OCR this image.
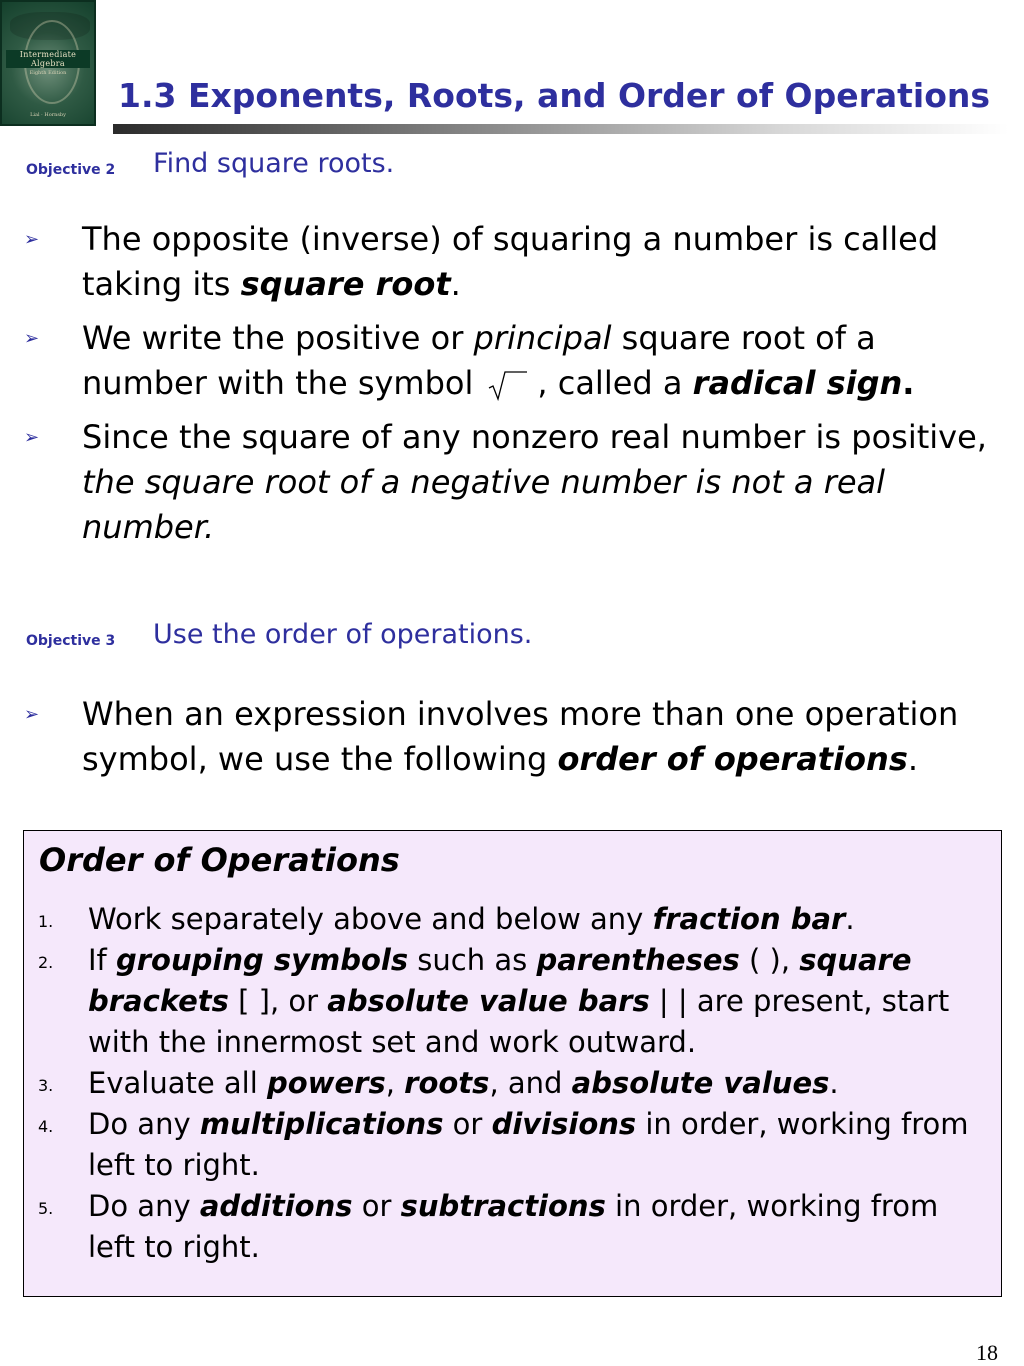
Intermediate Algebra
Eighth Edition
Lial · Hornsby	1.3 Exponents, Roots, and Order of Operations
Objective 2 Find square roots.
➢ The opposite (inverse) of squaring a number is called taking its square root.
➢ We write the positive or principal square root of a number with the symbol , called a radical sign.
➢ Since the square of any nonzero real number is positive, the square root of a negative number is not a real number.
Objective 3 Use the order of operations.
➢ When an expression involves more than one operation symbol, we use the following order of operations.
Order of Operations
1. Work separately above and below any fraction bar.
2. If grouping symbols such as parentheses ( ), square brackets [ ], or absolute value bars | | are present, start with the innermost set and work outward.
3. Evaluate all powers, roots, and absolute values.
4. Do any multiplications or divisions in order, working from left to right.
5. Do any additions or subtractions in order, working from left to right.
18
